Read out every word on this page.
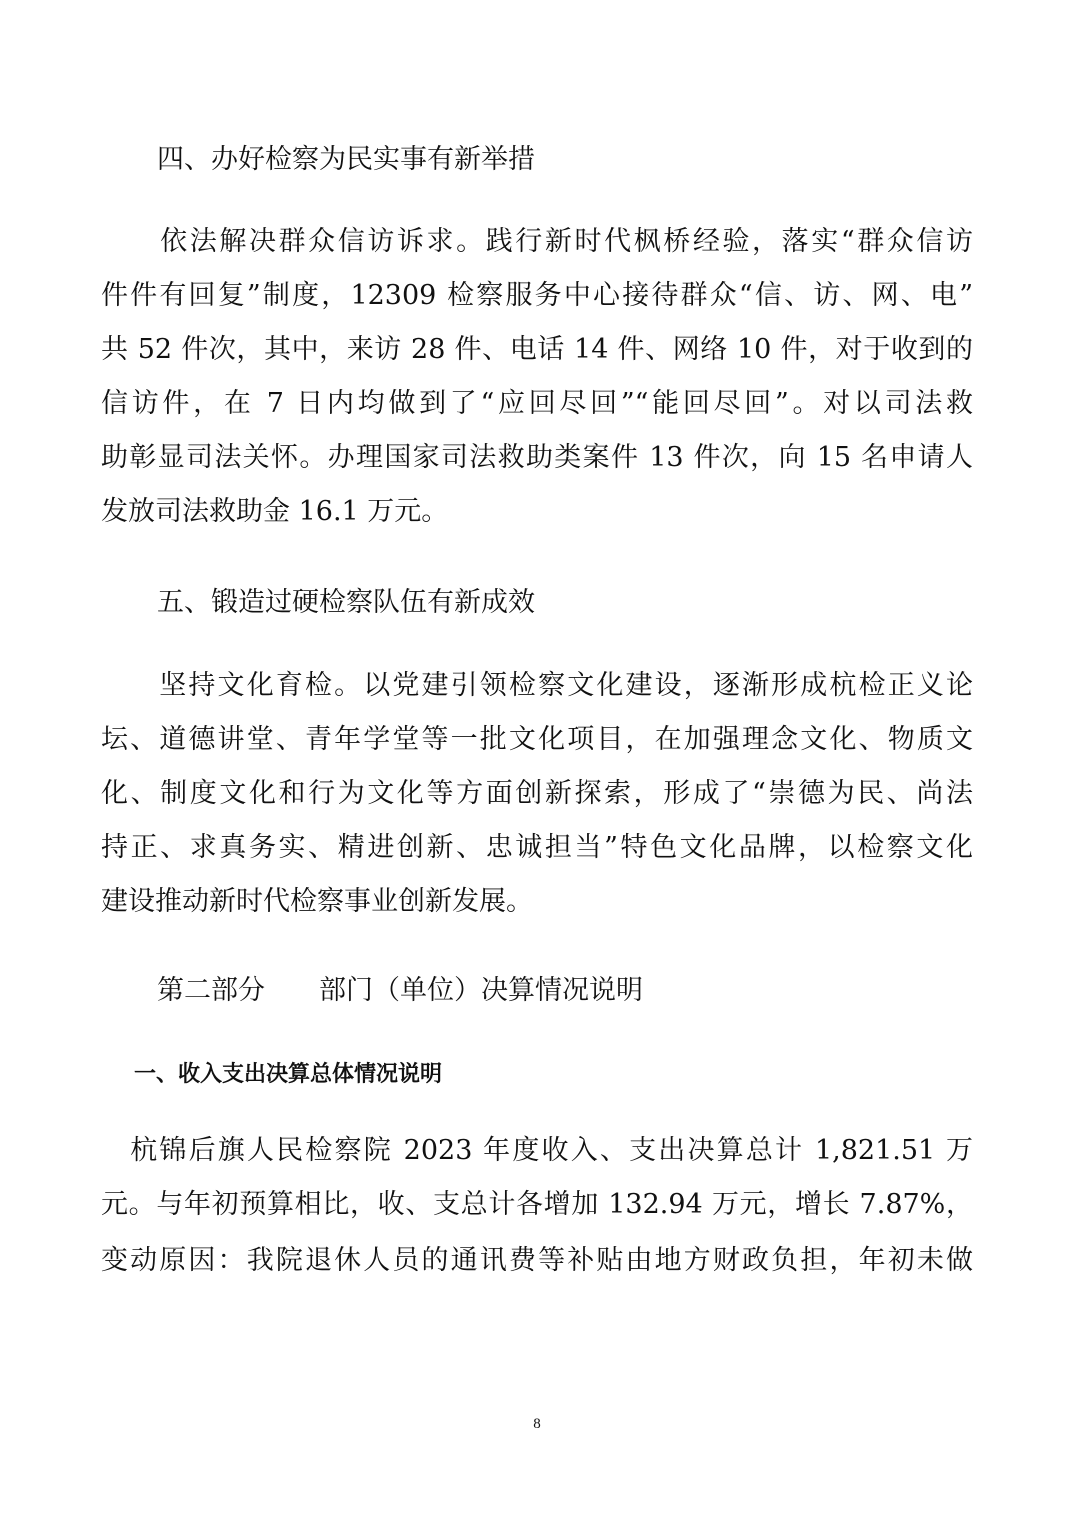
四、办好检察为民实事有新举措
　　依法解决群众信访诉求。践行新时代枫桥经验，落实“群众信访
件件有回复”制度，12309 检察服务中心接待群众“信、访、网、电”
共 52 件次，其中，来访 28 件、电话 14 件、网络 10 件，对于收到的
信访件，在 7 日内均做到了“应回尽回”“能回尽回”。对以司法救
助彰显司法关怀。办理国家司法救助类案件 13 件次，向 15 名申请人
发放司法救助金 16.1 万元。
五、锻造过硬检察队伍有新成效
　　坚持文化育检。以党建引领检察文化建设，逐渐形成杭检正义论
坛、道德讲堂、青年学堂等一批文化项目，在加强理念文化、物质文
化、制度文化和行为文化等方面创新探索，形成了“崇德为民、尚法
持正、求真务实、精进创新、忠诚担当”特色文化品牌，以检察文化
建设推动新时代检察事业创新发展。
第二部分　　部门（单位）决算情况说明
一、收入支出决算总体情况说明
　杭锦后旗人民检察院 2023 年度收入、支出决算总计 1,821.51 万
元。与年初预算相比，收、支总计各增加 132.94 万元，增长 7.87%，
变动原因：我院退休人员的通讯费等补贴由地方财政负担，年初未做
8
